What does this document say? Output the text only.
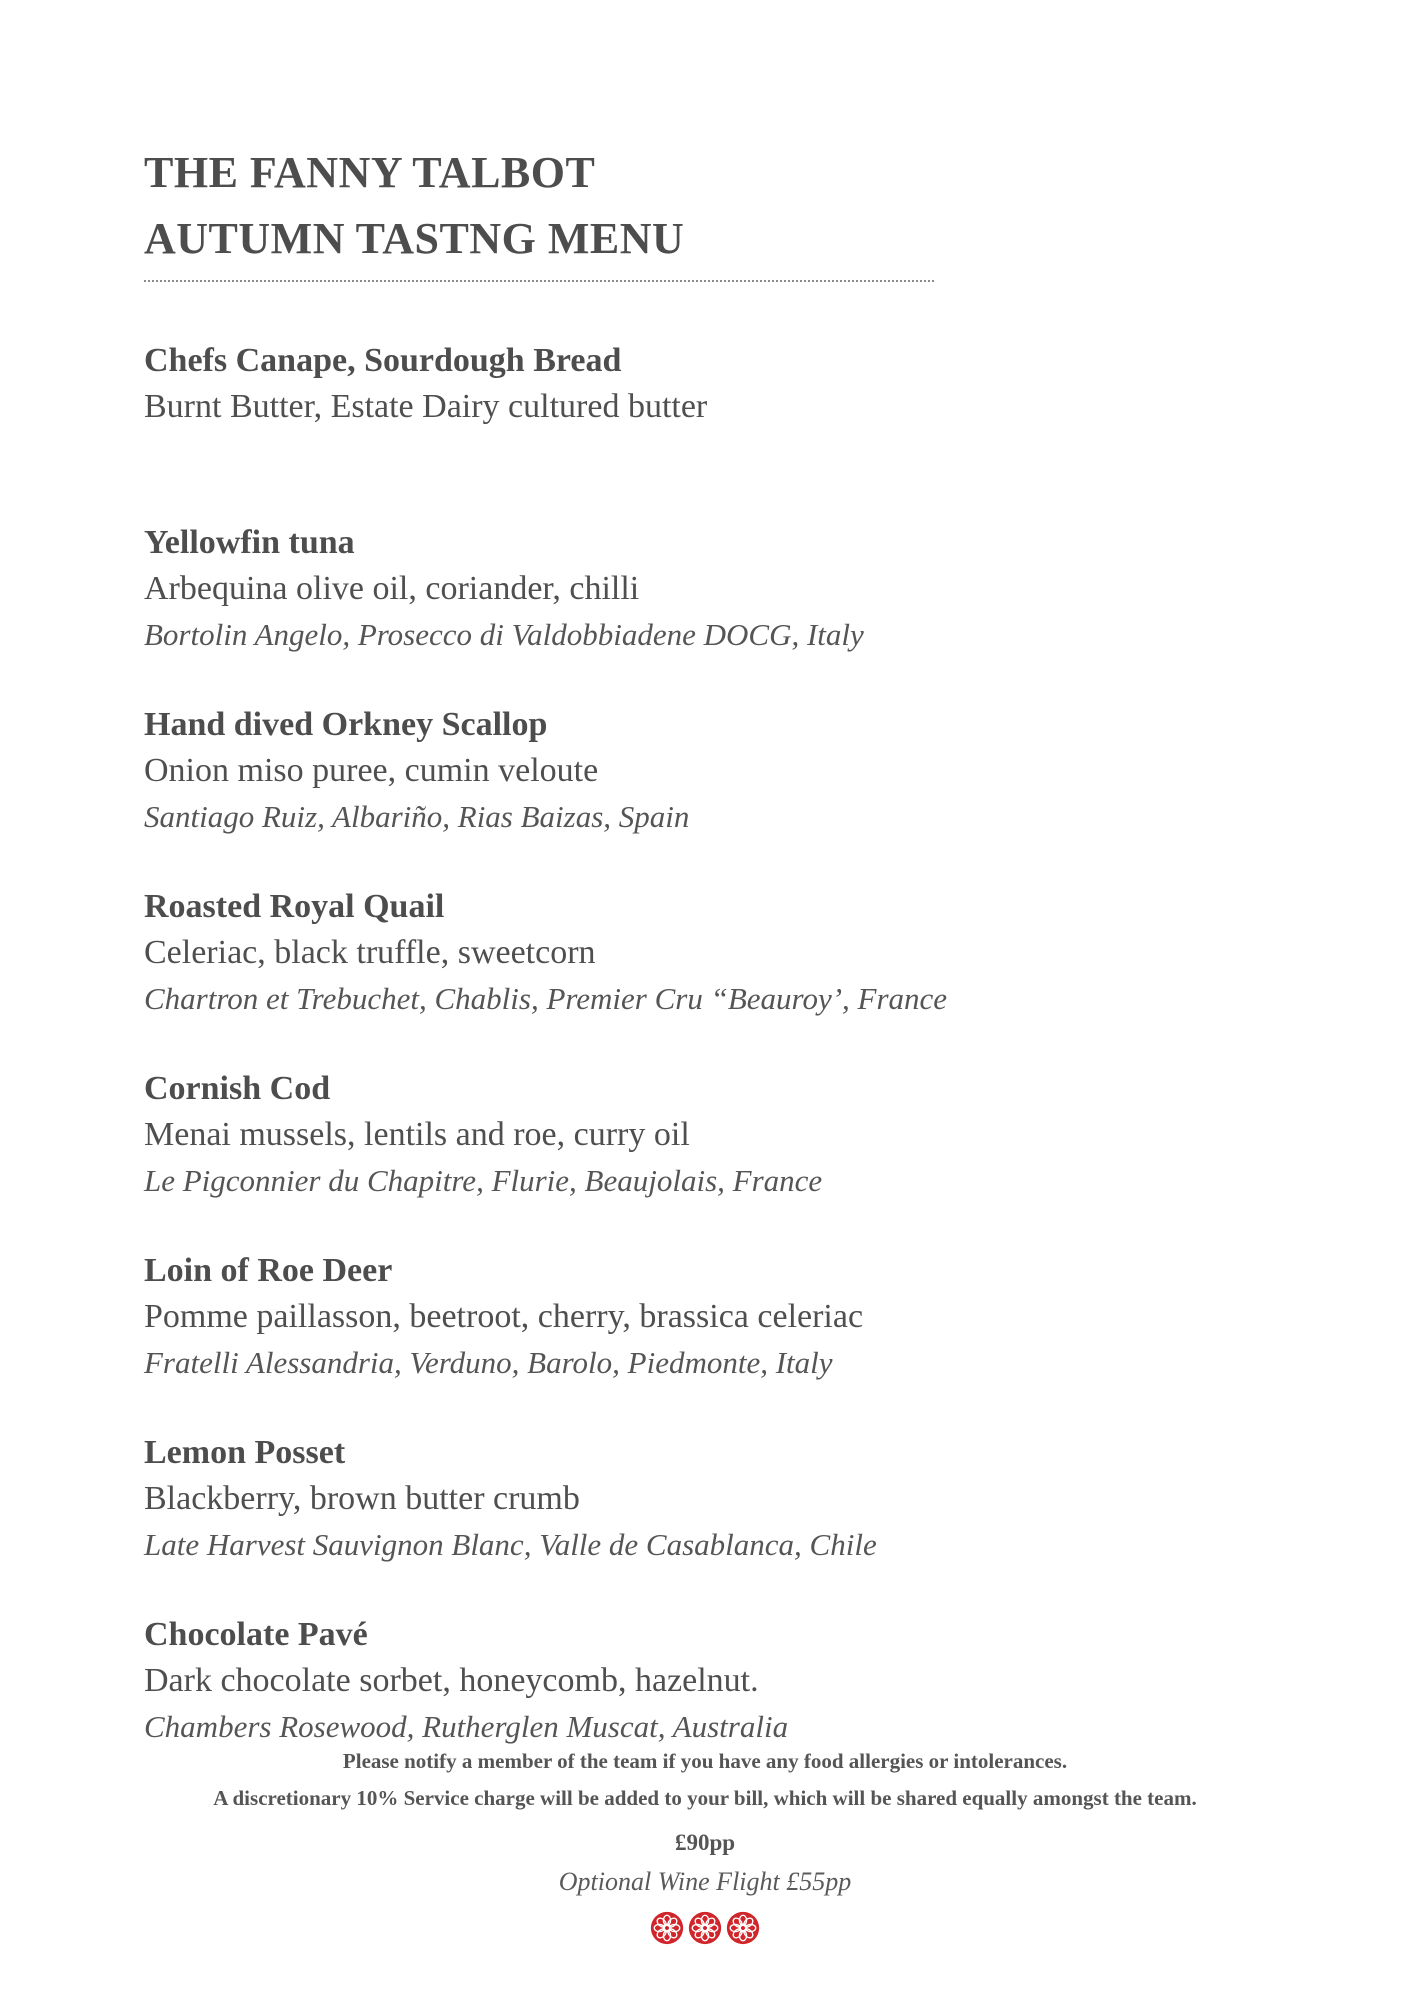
THE FANNY TALBOT
AUTUMN TASTNG MENU

Chefs Canape, Sourdough Bread

Burnt Butter, Estate Dairy cultured butter

Yellowfin tuna

Arbequina olive oil, coriander, chilli

Bortolin Angelo, Prosecco di Valdobbiadene DOCG, Italy

Hand dived Orkney Scallop

Onion miso puree, cumin veloute

Santiago Ruiz, Albariño, Rias Baizas, Spain

Roasted Royal Quail

Celeriac, black truffle, sweetcorn

Chartron et Trebuchet, Chablis, Premier Cru “Beauroy’, France

Cornish Cod

Menai mussels, lentils and roe, curry oil

Le Pigconnier du Chapitre, Flurie, Beaujolais, France

Loin of Roe Deer

Pomme paillasson, beetroot, cherry, brassica celeriac

Fratelli Alessandria, Verduno, Barolo, Piedmonte, Italy

Lemon Posset

Blackberry, brown butter crumb

Late Harvest Sauvignon Blanc, Valle de Casablanca, Chile

Chocolate Pavé

Dark chocolate sorbet, honeycomb, hazelnut.

Chambers Rosewood, Rutherglen Muscat, Australia

Please notify a member of the team if you have any food allergies or intolerances.

A discretionary 10% Service charge will be added to your bill, which will be shared equally amongst the team.

£90pp
Optional Wine Flight £55pp
